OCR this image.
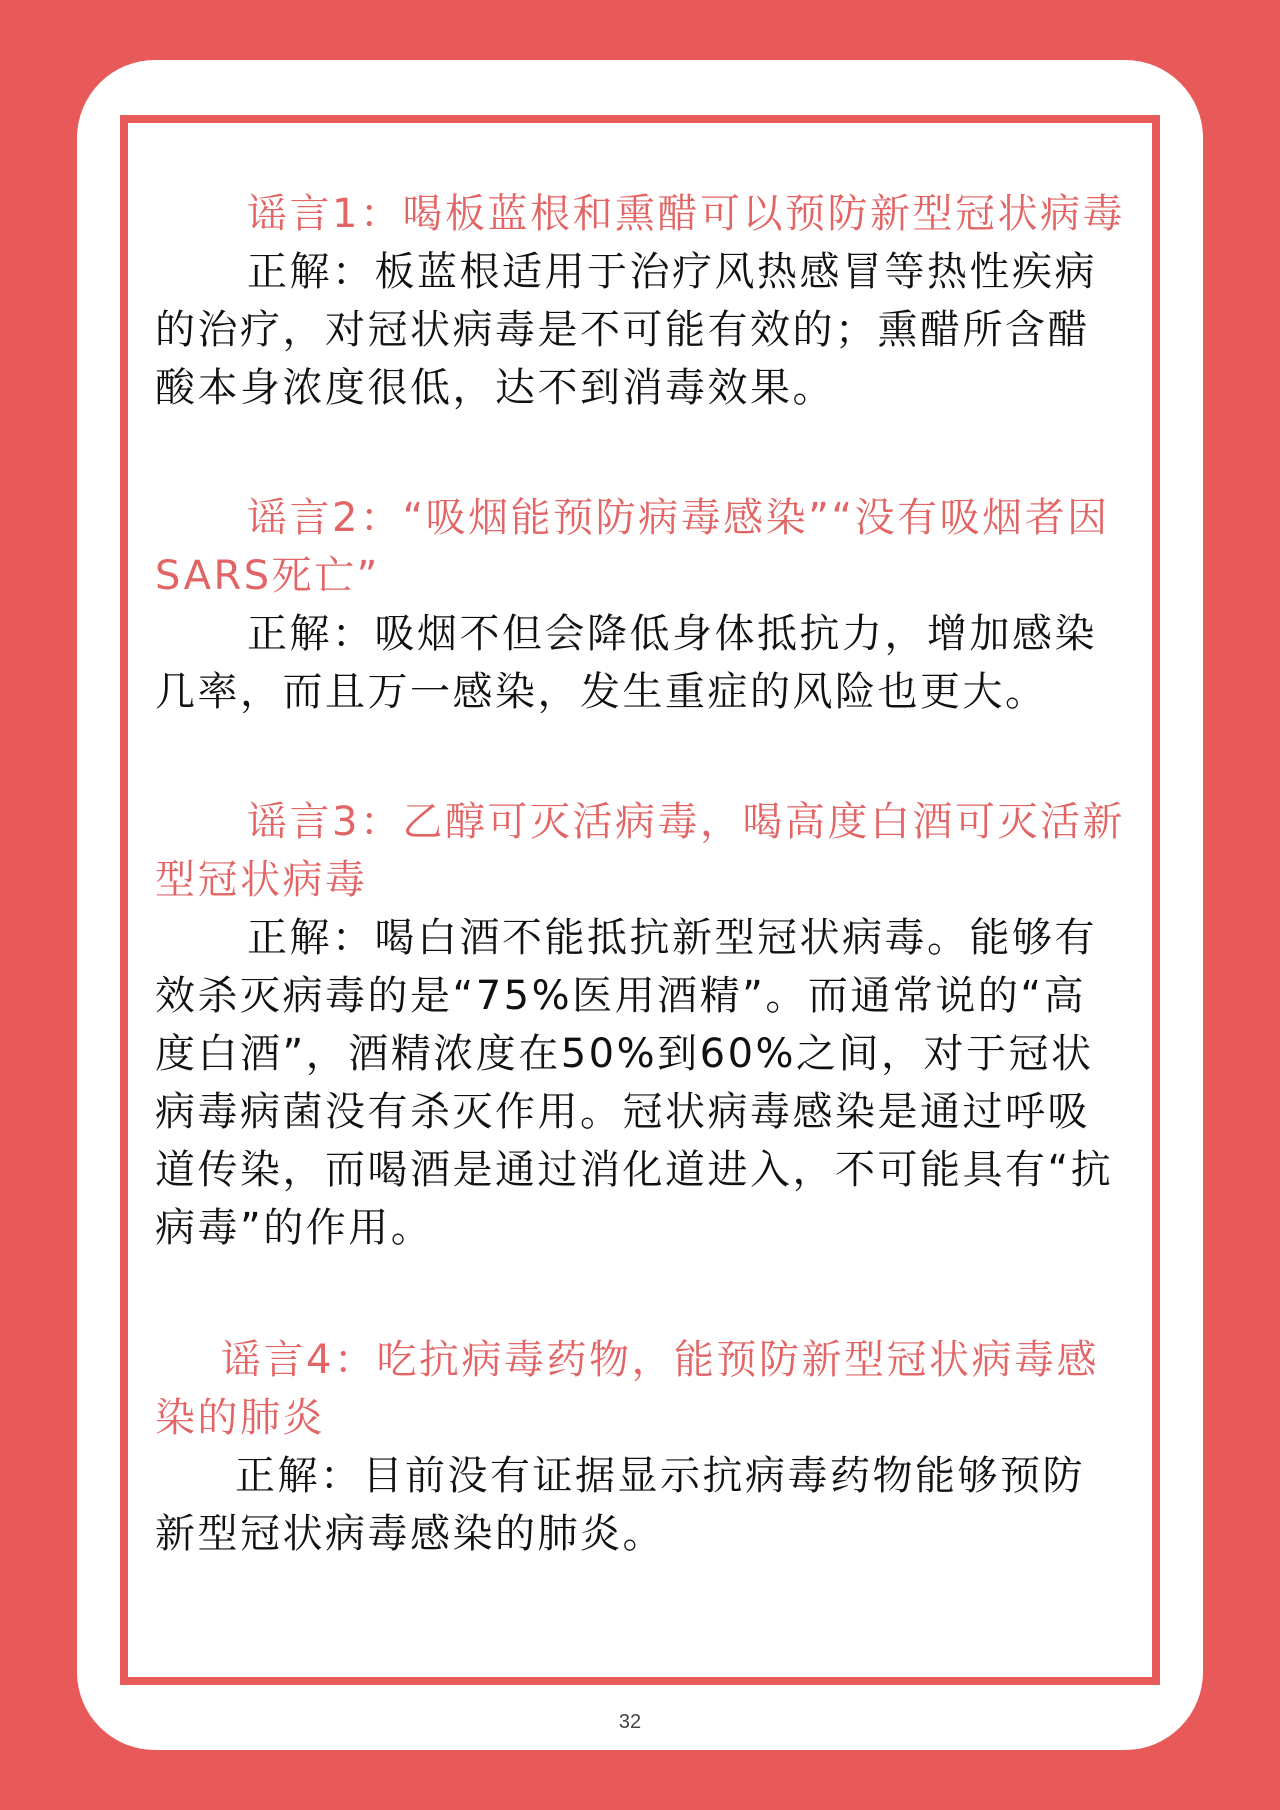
谣言1：喝板蓝根和熏醋可以预防新型冠状病毒

正解：板蓝根适用于治疗风热感冒等热性疾病的治疗，对冠状病毒是不可能有效的；熏醋所含醋酸本身浓度很低，达不到消毒效果。

谣言2：“吸烟能预防病毒感染”“没有吸烟者因SARS死亡”

正解：吸烟不但会降低身体抵抗力，增加感染几率，而且万一感染，发生重症的风险也更大。

谣言3：乙醇可灭活病毒，喝高度白酒可灭活新型冠状病毒

正解：喝白酒不能抵抗新型冠状病毒。能够有效杀灭病毒的是“75%医用酒精”。而通常说的“高度白酒”，酒精浓度在50%到60%之间，对于冠状病毒病菌没有杀灭作用。冠状病毒感染是通过呼吸道传染，而喝酒是通过消化道进入，不可能具有“抗病毒”的作用。

谣言4：吃抗病毒药物，能预防新型冠状病毒感染的肺炎

正解：目前没有证据显示抗病毒药物能够预防新型冠状病毒感染的肺炎。

32
